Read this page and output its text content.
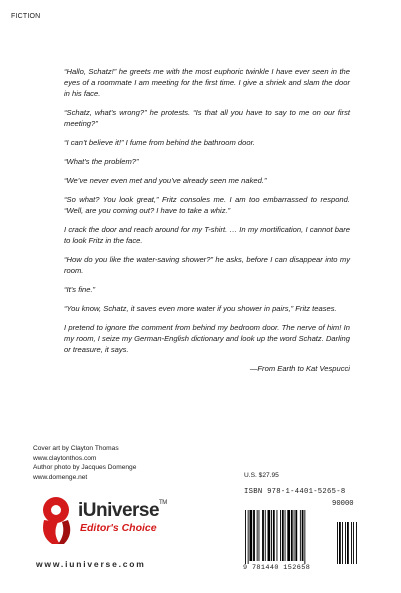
FICTION

“Hallo, Schatz!” he greets me with the most euphoric twinkle I have ever seen in the eyes of a roommate I am meeting for the first time. I give a shriek and slam the door in his face.

“Schatz, what’s wrong?” he protests. “Is that all you have to say to me on our first meeting?”

“I can’t believe it!” I fume from behind the bathroom door.

“What’s the problem?”

“We’ve never even met and you’ve already seen me naked.”

“So what? You look great,” Fritz consoles me. I am too embarrassed to respond. “Well, are you coming out? I have to take a whiz.”

I crack the door and reach around for my T-shirt. … In my mortification, I cannot bare to look Fritz in the face.

“How do you like the water-saving shower?” he asks, before I can disappear into my room.

“It’s fine.”

“You know, Schatz, it saves even more water if you shower in pairs,” Fritz teases.

I pretend to ignore the comment from behind my bedroom door. The nerve of him! In my room, I seize my German-English dictionary and look up the word Schatz. Darling or treasure, it says.

—From Earth to Kat Vespucci
Cover art by Clayton Thomas
www.claytonthos.com
Author photo by Jacques Domenge
www.domenge.net	U.S. $27.95
ISBN 978-1-4401-5265-8
90000
9 781440 152658
iUniverse™
Editor's Choice
www.iuniverse.com
